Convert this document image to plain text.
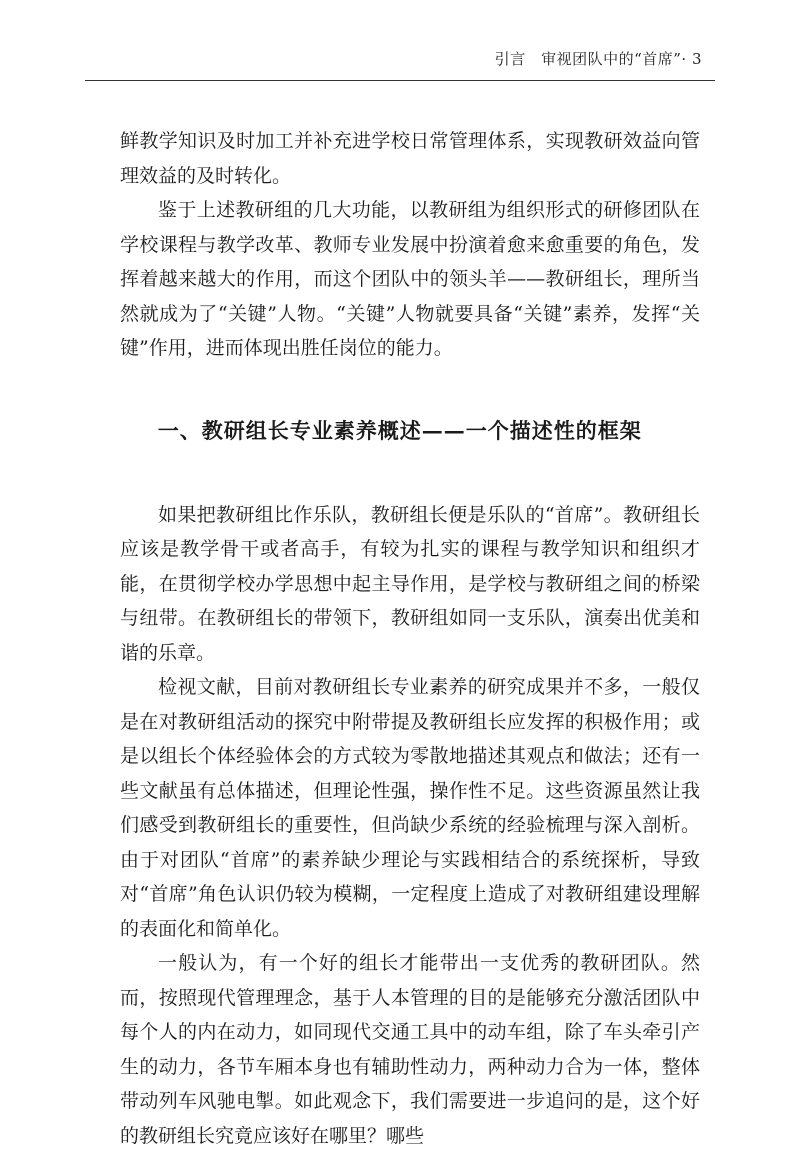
引言　审视团队中的“首席”· 3

鲜教学知识及时加工并补充进学校日常管理体系，实现教研效益向管理效益的及时转化。

鉴于上述教研组的几大功能，以教研组为组织形式的研修团队在学校课程与教学改革、教师专业发展中扮演着愈来愈重要的角色，发挥着越来越大的作用，而这个团队中的领头羊——教研组长，理所当然就成为了“关键”人物。“关键”人物就要具备“关键”素养，发挥“关键”作用，进而体现出胜任岗位的能力。

一、教研组长专业素养概述——一个描述性的框架

如果把教研组比作乐队，教研组长便是乐队的“首席”。教研组长应该是教学骨干或者高手，有较为扎实的课程与教学知识和组织才能，在贯彻学校办学思想中起主导作用，是学校与教研组之间的桥梁与纽带。在教研组长的带领下，教研组如同一支乐队，演奏出优美和谐的乐章。

检视文献，目前对教研组长专业素养的研究成果并不多，一般仅是在对教研组活动的探究中附带提及教研组长应发挥的积极作用；或是以组长个体经验体会的方式较为零散地描述其观点和做法；还有一些文献虽有总体描述，但理论性强，操作性不足。这些资源虽然让我们感受到教研组长的重要性，但尚缺少系统的经验梳理与深入剖析。由于对团队“首席”的素养缺少理论与实践相结合的系统探析，导致对“首席”角色认识仍较为模糊，一定程度上造成了对教研组建设理解的表面化和简单化。

一般认为，有一个好的组长才能带出一支优秀的教研团队。然而，按照现代管理理念，基于人本管理的目的是能够充分激活团队中每个人的内在动力，如同现代交通工具中的动车组，除了车头牵引产生的动力，各节车厢本身也有辅助性动力，两种动力合为一体，整体带动列车风驰电掣。如此观念下，我们需要进一步追问的是，这个好的教研组长究竟应该好在哪里？哪些
